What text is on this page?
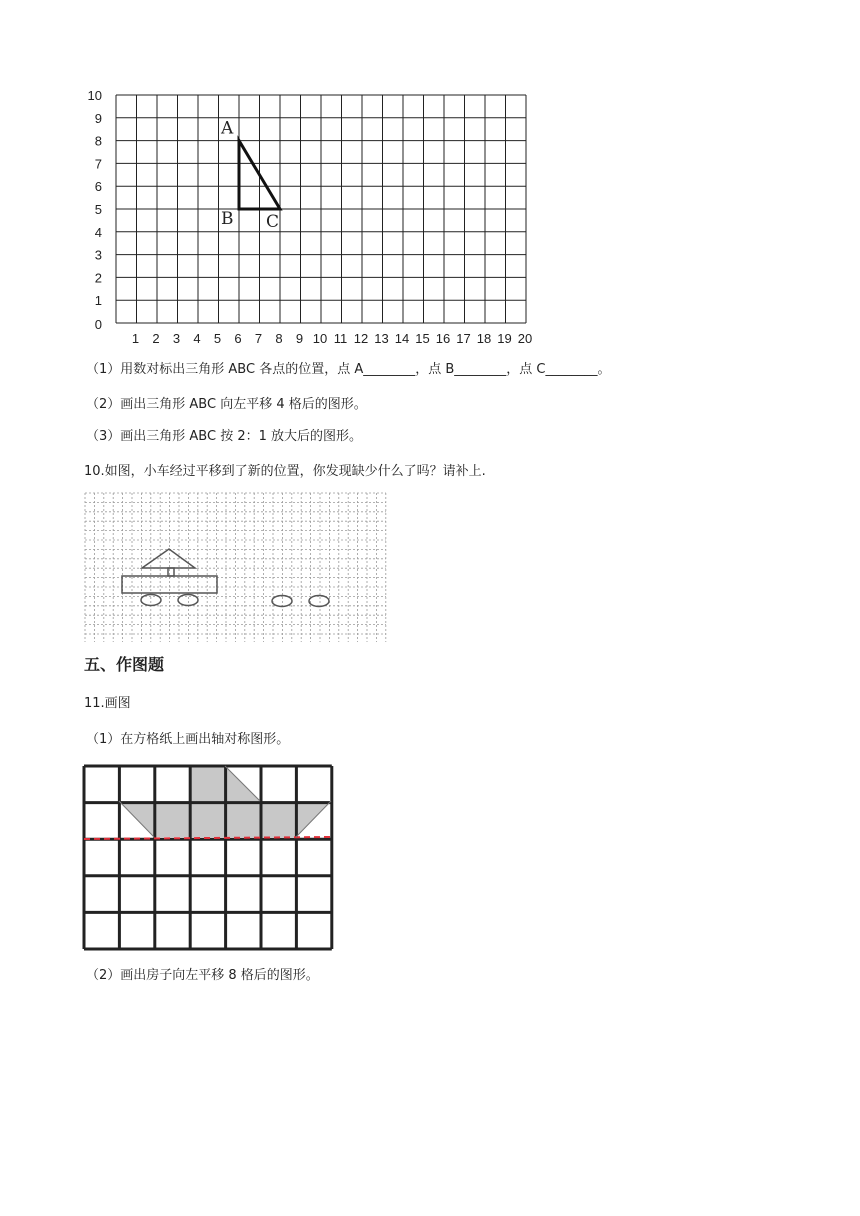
0
1
2
3
4
5
6
7
8
9
10
1 2 3 4 5 6 7 8 9 10 11 12 13 14 15 16 17 18 19 20
A
B C
（1）用数对标出三角形 ABC 各点的位置，点 A________，点 B________，点 C________。
（2）画出三角形 ABC 向左平移 4 格后的图形。
（3）画出三角形 ABC 按 2：1 放大后的图形。
10.如图，小车经过平移到了新的位置，你发现缺少什么了吗？请补上.
五、作图题
11.画图
（1）在方格纸上画出轴对称图形。
（2）画出房子向左平移 8 格后的图形。
